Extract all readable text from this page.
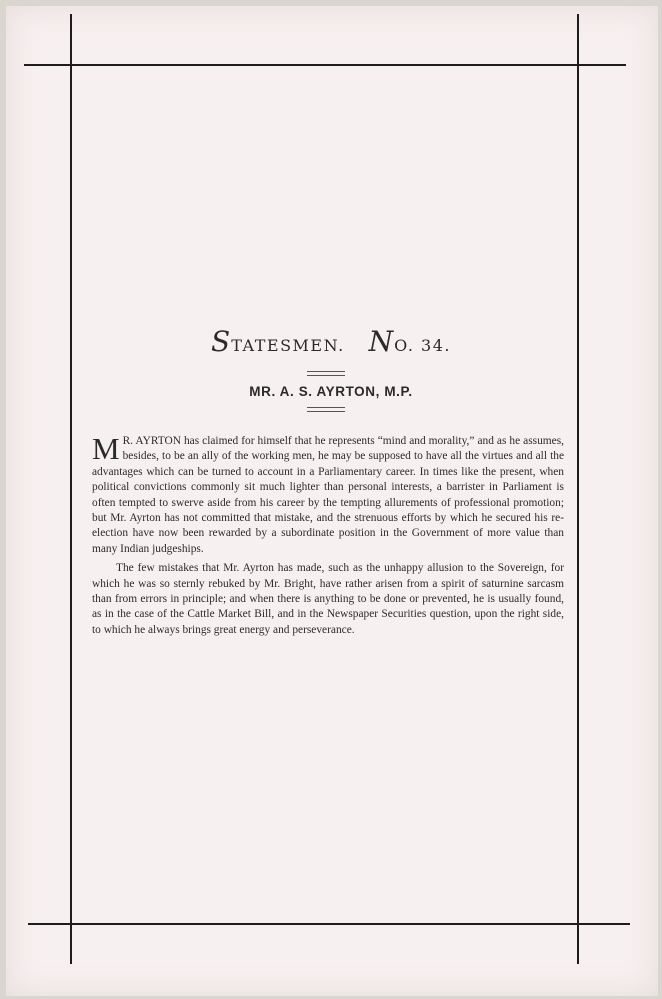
STATESMEN. NO. 34.
MR. A. S. AYRTON, M.P.

M R. AYRTON has claimed for himself that he represents “mind and morality,” and as he assumes, besides, to be an ally of the working men, he may be supposed to have all the virtues and all the advantages which can be turned to account in a Parliamentary career. In times like the present, when political convictions commonly sit much lighter than personal interests, a barrister in Parliament is often tempted to swerve aside from his career by the tempting allurements of professional promotion; but Mr. Ayrton has not committed that mistake, and the strenuous efforts by which he secured his re-election have now been rewarded by a subordinate position in the Government of more value than many Indian judgeships.

The few mistakes that Mr. Ayrton has made, such as the unhappy allusion to the Sovereign, for which he was so sternly rebuked by Mr. Bright, have rather arisen from a spirit of saturnine sarcasm than from errors in principle; and when there is anything to be done or prevented, he is usually found, as in the case of the Cattle Market Bill, and in the Newspaper Securities question, upon the right side, to which he always brings great energy and perseverance.
